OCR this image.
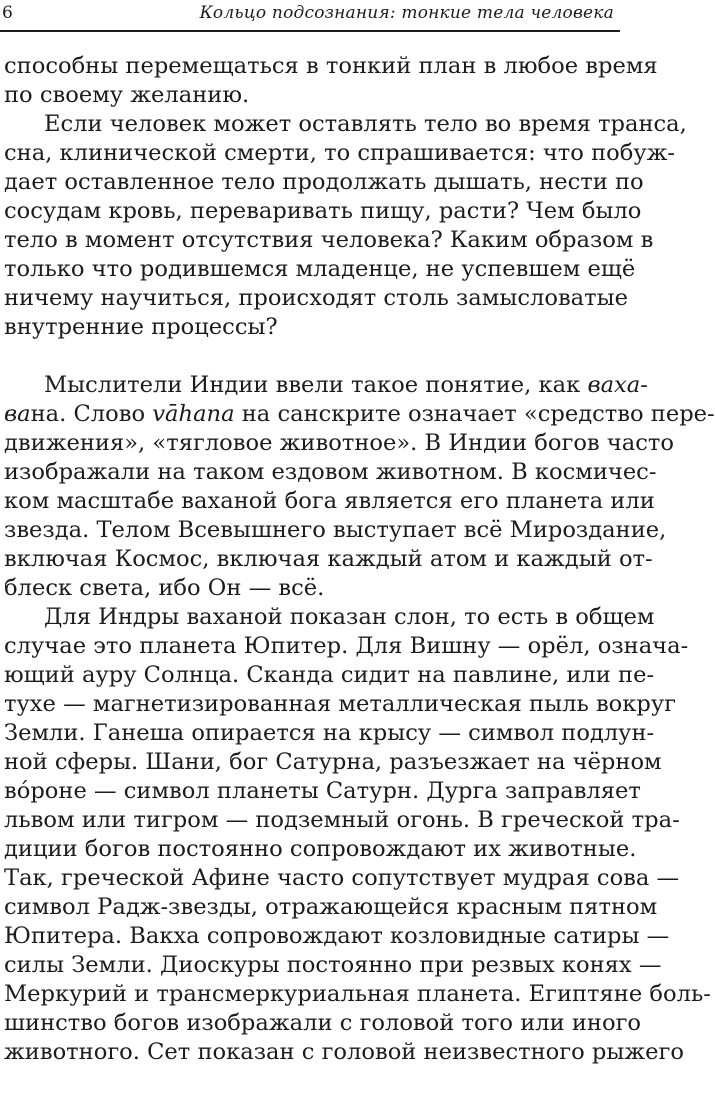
6	Кольцо подсознания: тонкие тела человека
способны перемещаться в тонкий план в любое время
по своему желанию.
Если человек может оставлять тело во время транса,
сна, клинической смерти, то спрашивается: что побуж-
дает оставленное тело продолжать дышать, нести по
сосудам кровь, переваривать пищу, расти? Чем было
тело в момент отсутствия человека? Каким образом в
только что родившемся младенце, не успевшем ещё
ничему научиться, происходят столь замысловатые
внутренние процессы?
Мыслители Индии ввели такое понятие, как ваха-
вана. Слово vāhana на санскрите означает «средство пере-
движения», «тягловое животное». В Индии богов часто
изображали на таком ездовом животном. В космичес-
ком масштабе ваханой бога является его планета или
звезда. Телом Всевышнего выступает всё Мироздание,
включая Космос, включая каждый атом и каждый от-
блеск света, ибо Он — всё.
Для Индры ваханой показан слон, то есть в общем
случае это планета Юпитер. Для Вишну — орёл, означа-
ющий ауру Солнца. Сканда сидит на павлине, или пе-
тухе — магнетизированная металлическая пыль вокруг
Земли. Ганеша опирается на крысу — символ подлун-
ной сферы. Шани, бог Сатурна, разъезжает на чёрном
вóроне — символ планеты Сатурн. Дурга заправляет
львом или тигром — подземный огонь. В греческой тра-
диции богов постоянно сопровождают их животные.
Так, греческой Афине часто сопутствует мудрая сова —
символ Радж-звезды, отражающейся красным пятном
Юпитера. Вакха сопровождают козловидные сатиры —
силы Земли. Диоскуры постоянно при резвых конях —
Меркурий и трансмеркуриальная планета. Египтяне боль-
шинство богов изображали с головой того или иного
животного. Сет показан с головой неизвестного рыжего
